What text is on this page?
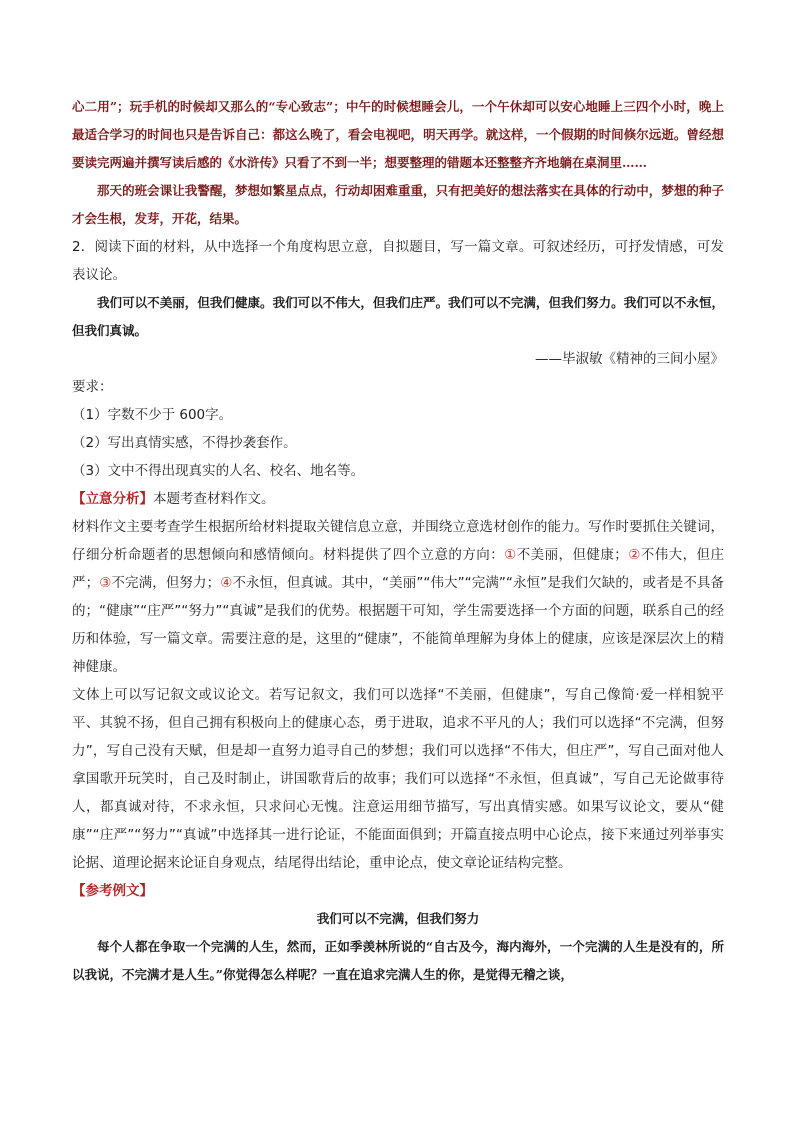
心二用”；玩手机的时候却又那么的“专心致志”；中午的时候想睡会儿，一个午休却可以安心地睡上三四个小时，晚上最适合学习的时间也只是告诉自己：都这么晚了，看会电视吧，明天再学。就这样，一个假期的时间倏尔远逝。曾经想要读完两遍并撰写读后感的《水浒传》只看了不到一半；想要整理的错题本还整整齐齐地躺在桌洞里……

那天的班会课让我警醒，梦想如繁星点点，行动却困难重重，只有把美好的想法落实在具体的行动中，梦想的种子才会生根，发芽，开花，结果。

2．阅读下面的材料，从中选择一个角度构思立意，自拟题目，写一篇文章。可叙述经历，可抒发情感，可发表议论。

我们可以不美丽，但我们健康。我们可以不伟大，但我们庄严。我们可以不完满，但我们努力。我们可以不永恒，但我们真诚。

——毕淑敏《精神的三间小屋》

要求：

（1）字数不少于 600字。

（2）写出真情实感，不得抄袭套作。

（3）文中不得出现真实的人名、校名、地名等。

【立意分析】本题考查材料作文。

材料作文主要考查学生根据所给材料提取关键信息立意，并围绕立意选材创作的能力。写作时要抓住关键词，仔细分析命题者的思想倾向和感情倾向。材料提供了四个立意的方向：①不美丽，但健康；②不伟大，但庄严；③不完满，但努力；④不永恒，但真诚。其中，“美丽”“伟大”“完满”“永恒”是我们欠缺的，或者是不具备的；“健康”“庄严”“努力”“真诚”是我们的优势。根据题干可知，学生需要选择一个方面的问题，联系自己的经历和体验，写一篇文章。需要注意的是，这里的“健康”，不能简单理解为身体上的健康，应该是深层次上的精神健康。

文体上可以写记叙文或议论文。若写记叙文，我们可以选择“不美丽，但健康”，写自己像简·爱一样相貌平平、其貌不扬，但自己拥有积极向上的健康心态，勇于进取，追求不平凡的人；我们可以选择“不完满，但努力”，写自己没有天赋，但是却一直努力追寻自己的梦想；我们可以选择“不伟大，但庄严”，写自己面对他人拿国歌开玩笑时，自己及时制止，讲国歌背后的故事；我们可以选择“不永恒，但真诚”，写自己无论做事待人，都真诚对待，不求永恒，只求问心无愧。注意运用细节描写，写出真情实感。如果写议论文，要从“健康”“庄严”“努力”“真诚”中选择其一进行论证，不能面面俱到；开篇直接点明中心论点，接下来通过列举事实论据、道理论据来论证自身观点，结尾得出结论，重申论点，使文章论证结构完整。

【参考例文】

我们可以不完满，但我们努力

每个人都在争取一个完满的人生，然而，正如季羡林所说的“自古及今，海内海外，一个完满的人生是没有的，所以我说，不完满才是人生。”你觉得怎么样呢？一直在追求完满人生的你，是觉得无稽之谈，
